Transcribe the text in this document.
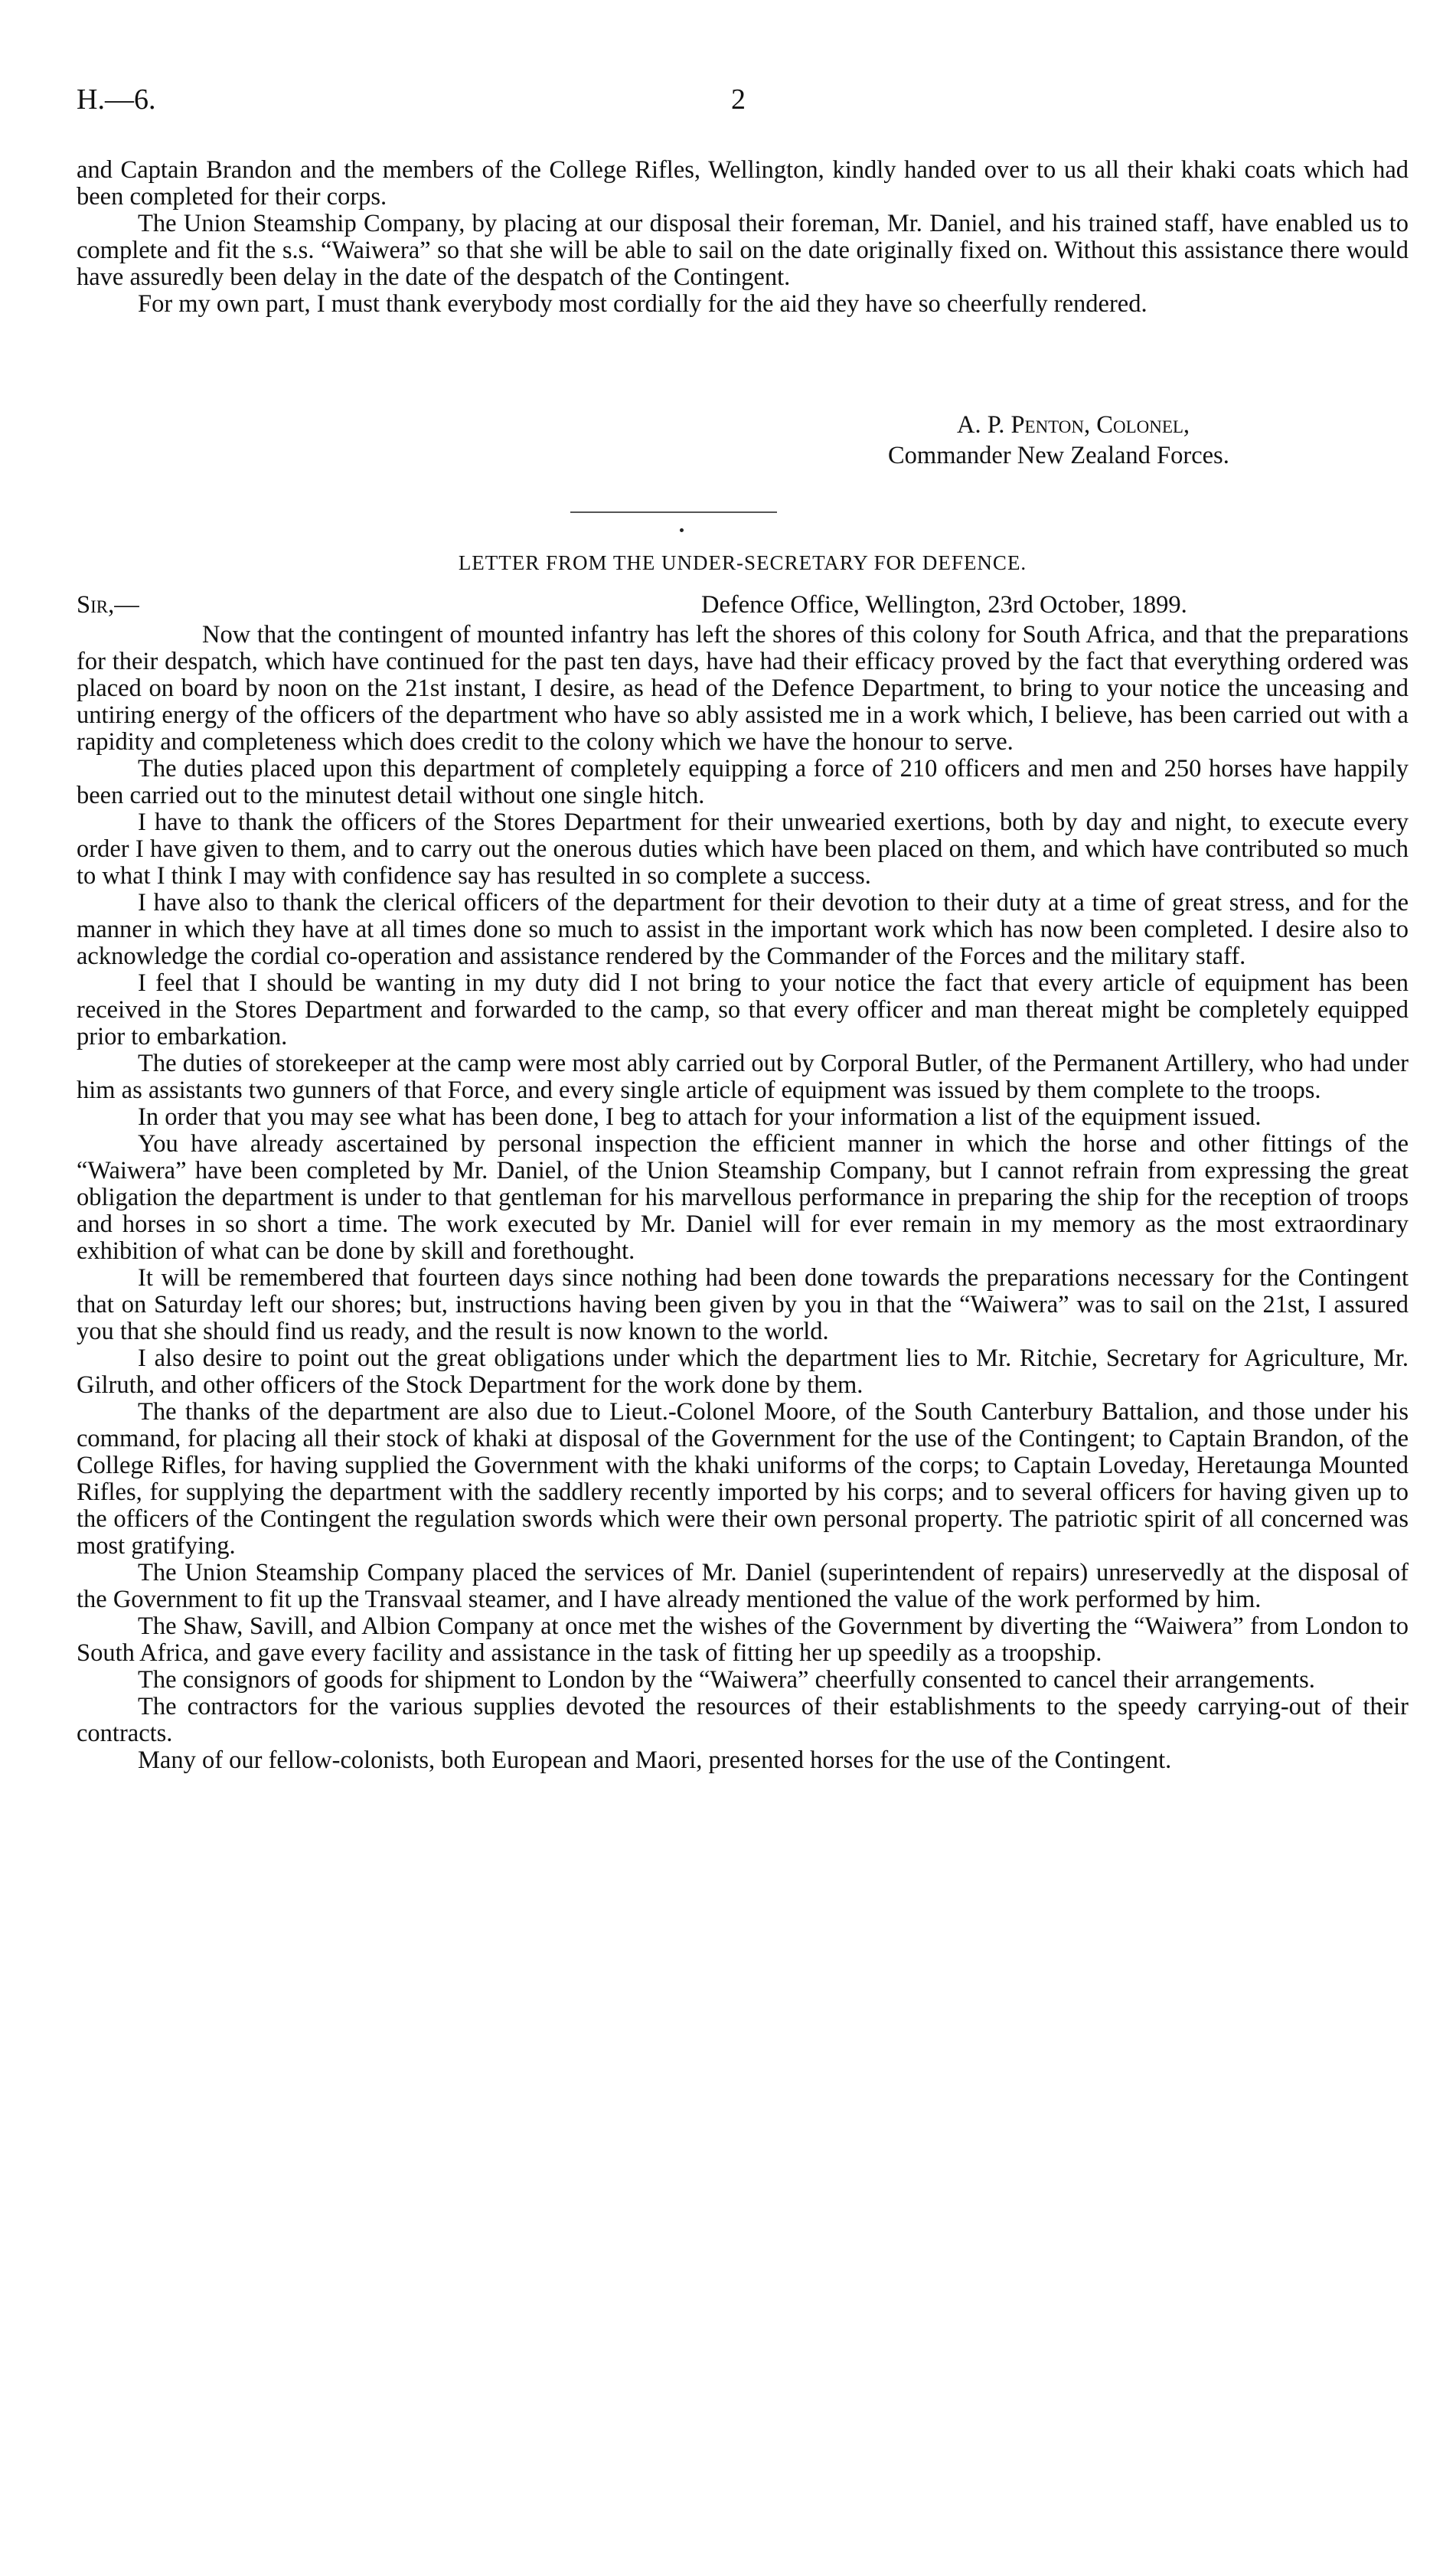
H.—6.	2

and Captain Brandon and the members of the College Rifles, Wellington, kindly handed over to us all their khaki coats which had been completed for their corps.

The Union Steamship Company, by placing at our disposal their foreman, Mr. Daniel, and his trained staff, have enabled us to complete and fit the s.s. “Waiwera” so that she will be able to sail on the date originally fixed on. Without this assistance there would have assuredly been delay in the date of the despatch of the Contingent.

For my own part, I must thank everybody most cordially for the aid they have so cheerfully rendered.

A. P. Penton, Colonel,
Commander New Zealand Forces.
LETTER FROM THE UNDER-SECRETARY FOR DEFENCE.
Sir,—	Defence Office, Wellington, 23rd October, 1899.

Now that the contingent of mounted infantry has left the shores of this colony for South Africa, and that the preparations for their despatch, which have continued for the past ten days, have had their efficacy proved by the fact that everything ordered was placed on board by noon on the 21st instant, I desire, as head of the Defence Department, to bring to your notice the unceasing and untiring energy of the officers of the department who have so ably assisted me in a work which, I believe, has been carried out with a rapidity and completeness which does credit to the colony which we have the honour to serve.

The duties placed upon this department of completely equipping a force of 210 officers and men and 250 horses have happily been carried out to the minutest detail without one single hitch.

I have to thank the officers of the Stores Department for their unwearied exertions, both by day and night, to execute every order I have given to them, and to carry out the onerous duties which have been placed on them, and which have contributed so much to what I think I may with confidence say has resulted in so complete a success.

I have also to thank the clerical officers of the department for their devotion to their duty at a time of great stress, and for the manner in which they have at all times done so much to assist in the important work which has now been completed. I desire also to acknowledge the cordial co-operation and assistance rendered by the Commander of the Forces and the military staff.

I feel that I should be wanting in my duty did I not bring to your notice the fact that every article of equipment has been received in the Stores Department and forwarded to the camp, so that every officer and man thereat might be completely equipped prior to embarkation.

The duties of storekeeper at the camp were most ably carried out by Corporal Butler, of the Permanent Artillery, who had under him as assistants two gunners of that Force, and every single article of equipment was issued by them complete to the troops.

In order that you may see what has been done, I beg to attach for your information a list of the equipment issued.

You have already ascertained by personal inspection the efficient manner in which the horse and other fittings of the “Waiwera” have been completed by Mr. Daniel, of the Union Steamship Company, but I cannot refrain from expressing the great obligation the department is under to that gentleman for his marvellous performance in preparing the ship for the reception of troops and horses in so short a time. The work executed by Mr. Daniel will for ever remain in my memory as the most extraordinary exhibition of what can be done by skill and forethought.

It will be remembered that fourteen days since nothing had been done towards the preparations necessary for the Contingent that on Saturday left our shores; but, instructions having been given by you in that the “Waiwera” was to sail on the 21st, I assured you that she should find us ready, and the result is now known to the world.

I also desire to point out the great obligations under which the department lies to Mr. Ritchie, Secretary for Agriculture, Mr. Gilruth, and other officers of the Stock Department for the work done by them.

The thanks of the department are also due to Lieut.-Colonel Moore, of the South Canterbury Battalion, and those under his command, for placing all their stock of khaki at disposal of the Government for the use of the Contingent; to Captain Brandon, of the College Rifles, for having supplied the Government with the khaki uniforms of the corps; to Captain Loveday, Heretaunga Mounted Rifles, for supplying the department with the saddlery recently imported by his corps; and to several officers for having given up to the officers of the Contingent the regulation swords which were their own personal property. The patriotic spirit of all concerned was most gratifying.

The Union Steamship Company placed the services of Mr. Daniel (superintendent of repairs) unreservedly at the disposal of the Government to fit up the Transvaal steamer, and I have already mentioned the value of the work performed by him.

The Shaw, Savill, and Albion Company at once met the wishes of the Government by diverting the “Waiwera” from London to South Africa, and gave every facility and assistance in the task of fitting her up speedily as a troopship.

The consignors of goods for shipment to London by the “Waiwera” cheerfully consented to cancel their arrangements.

The contractors for the various supplies devoted the resources of their establishments to the speedy carrying-out of their contracts.

Many of our fellow-colonists, both European and Maori, presented horses for the use of the Contingent.
